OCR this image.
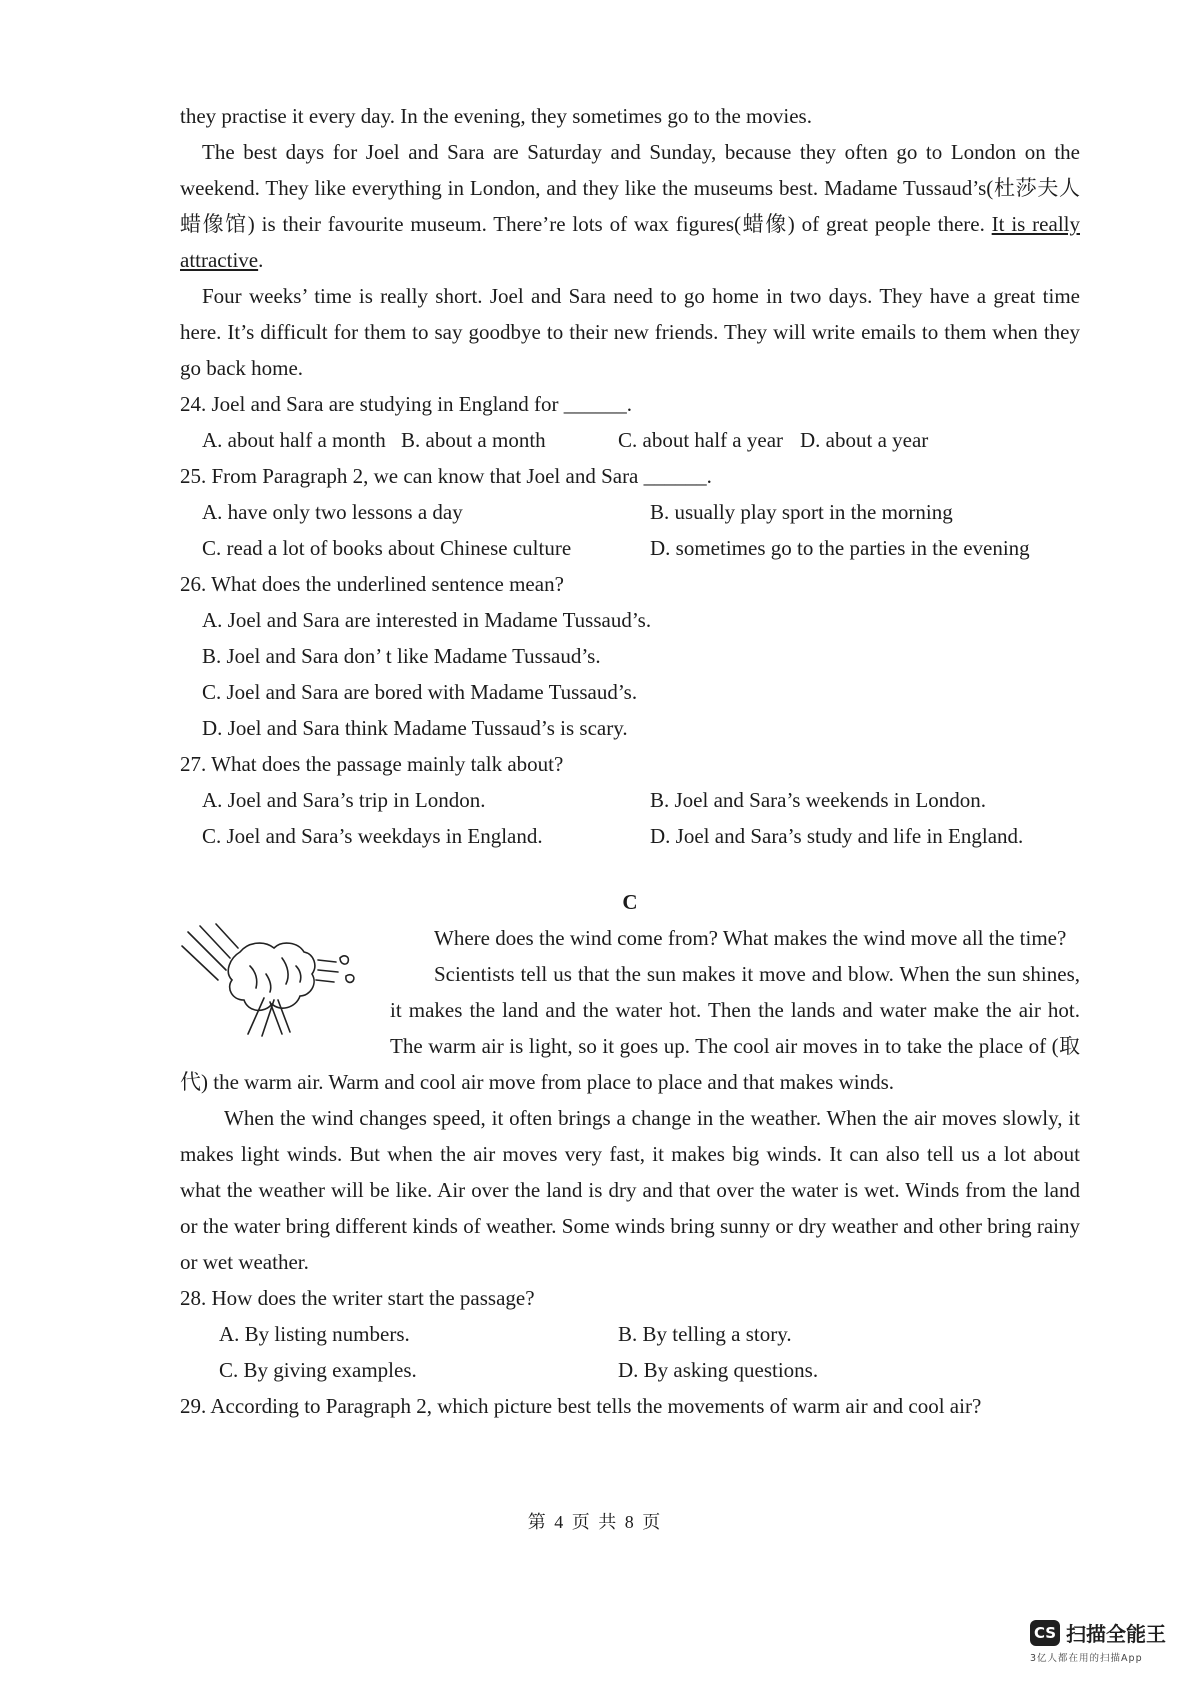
they practise it every day. In the evening, they sometimes go to the movies.

The best days for Joel and Sara are Saturday and Sunday, because they often go to London on the weekend. They like everything in London, and they like the museums best. Madame Tussaud’s(杜莎夫人蜡像馆) is their favourite museum. There’re lots of wax figures(蜡像) of great people there. It is really attractive.

Four weeks’ time is really short. Joel and Sara need to go home in two days. They have a great time here. It’s difficult for them to say goodbye to their new friends. They will write emails to them when they go back home.

24. Joel and Sara are studying in England for ______.

A. about half a month B. about a month	C. about half a year D. about a year

25. From Paragraph 2, we can know that Joel and Sara ______.

A. have only two lessons a day	B. usually play sport in the morning
C. read a lot of books about Chinese culture	D. sometimes go to the parties in the evening

26. What does the underlined sentence mean?

A. Joel and Sara are interested in Madame Tussaud’s.

B. Joel and Sara don’ t like Madame Tussaud’s.

C. Joel and Sara are bored with Madame Tussaud’s.

D. Joel and Sara think Madame Tussaud’s is scary.

27. What does the passage mainly talk about?

A. Joel and Sara’s trip in London.	B. Joel and Sara’s weekends in London.
C. Joel and Sara’s weekdays in England.	D. Joel and Sara’s study and life in England.

C

Where does the wind come from? What makes the wind move all the time?

Scientists tell us that the sun makes it move and blow. When the sun shines, it makes the land and the water hot. Then the lands and water make the air hot. The warm air is light, so it goes up. The cool air moves in to take the place of (取代) the warm air. Warm and cool air move from place to place and that makes winds.

When the wind changes speed, it often brings a change in the weather. When the air moves slowly, it makes light winds. But when the air moves very fast, it makes big winds. It can also tell us a lot about what the weather will be like. Air over the land is dry and that over the water is wet. Winds from the land or the water bring different kinds of weather. Some winds bring sunny or dry weather and other bring rainy or wet weather.

28. How does the writer start the passage?

A. By listing numbers.	B. By telling a story.
C. By giving examples.	D. By asking questions.

29. According to Paragraph 2, which picture best tells the movements of warm air and cool air?

第 4 页 共 8 页
CS 扫描全能王
3亿人都在用的扫描App
